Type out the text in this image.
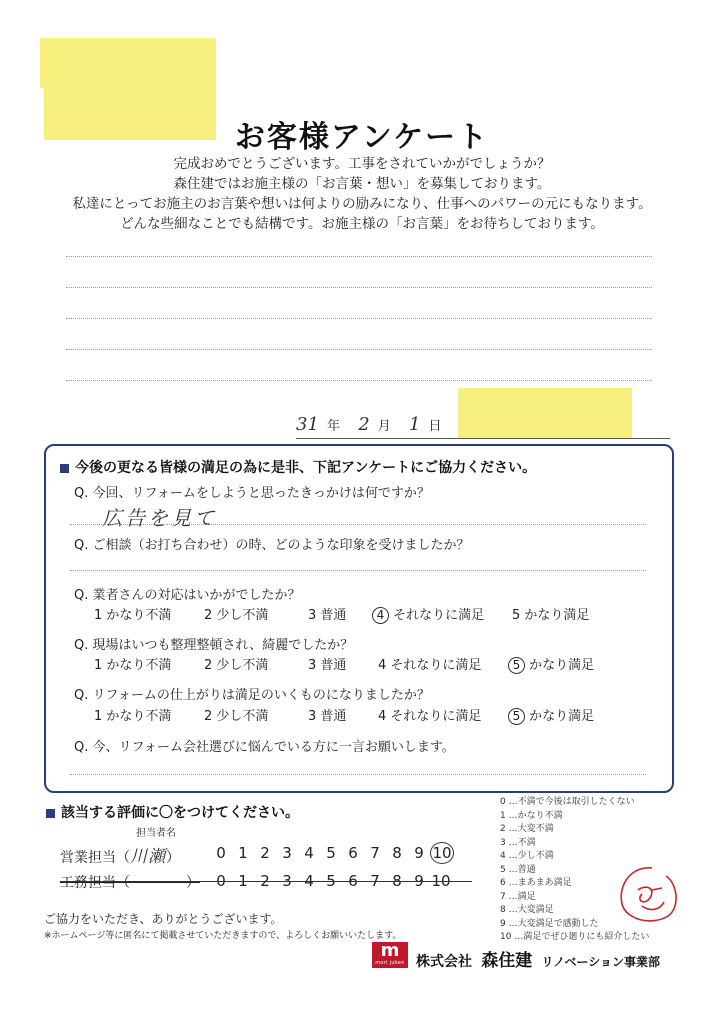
お客様アンケート
完成おめでとうございます。工事をされていかがでしょうか？
森住建ではお施主様の「お言葉・想い」を募集しております。
私達にとってお施主のお言葉や想いは何よりの励みになり、仕事へのパワーの元にもなります。
どんな些細なことでも結構です。お施主様の「お言葉」をお待ちしております。
31 年 2 月 1 日
今後の更なる皆様の満足の為に是非、下記アンケートにご協力ください。
Q. 今回、リフォームをしようと思ったきっかけは何ですか？
広告を見て
Q. ご相談（お打ち合わせ）の時、どのような印象を受けましたか？
Q. 業者さんの対応はいかがでしたか？
1 かなり不満	2 少し不満	3 普通	4 それなりに満足 5 かなり満足
Q. 現場はいつも整理整頓され、綺麗でしたか？
1 かなり不満	2 少し不満	3 普通 4 それなりに満足	5 かなり満足
Q. リフォームの仕上がりは満足のいくものになりましたか？
1 かなり不満	2 少し不満	3 普通 4 それなりに満足	5 かなり満足
Q. 今、リフォーム会社選びに悩んでいる方に一言お願いします。
該当する評価に〇をつけてください。
担当者名
営業担当（川瀬）	0 1 2 3 4 5 6 7 8 9 10
工務担当（　　　　）	0 1 2 3 4 5 6 7 8 9 10
0 …不満で今後は取引したくない
1 …かなり不満
2 …大変不満
3 …不満
4 …少し不満
5 …普通
6 …まあまあ満足
7 …満足
8 …大変満足
9 …大変満足で感動した
10 …満足でぜひ廻りにも紹介したい
ご協力をいただき、ありがとうございます。
※ホームページ等に匿名にて掲載させていただきますので、よろしくお願いいたします。
m
mori juken 株式会社 森住建 リノベーション事業部
